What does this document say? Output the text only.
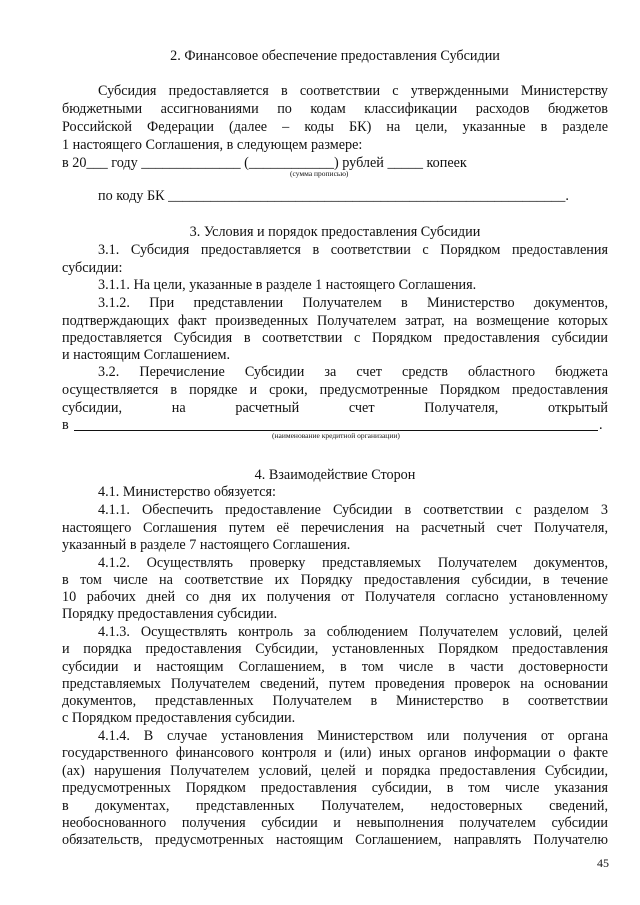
2. Финансовое обеспечение предоставления Субсидии
Субсидия предоставляется в соответствии с утвержденными Министерству
бюджетными ассигнованиями по кодам классификации расходов бюджетов
Российской Федерации (далее – коды БК) на цели, указанные в разделе
1 настоящего Соглашения, в следующем размере:
в 20___ году ______________ (____________) рублей _____ копеек
(сумма прописью)
по коду БК ________________________________________________________.
3. Условия и порядок предоставления Субсидии
3.1. Субсидия предоставляется в соответствии с Порядком предоставления
субсидии:
3.1.1. На цели, указанные в разделе 1 настоящего Соглашения.
3.1.2. При представлении Получателем в Министерство документов,
подтверждающих факт произведенных Получателем затрат, на возмещение которых
предоставляется Субсидия в соответствии с Порядком предоставления субсидии
и настоящим Соглашением.
3.2. Перечисление Субсидии за счет средств областного бюджета
осуществляется в порядке и сроки, предусмотренные Порядком предоставления
субсидии, на расчетный счет Получателя, открытый
в	.
(наименование кредитной организации)
4. Взаимодействие Сторон
4.1. Министерство обязуется:
4.1.1. Обеспечить предоставление Субсидии в соответствии с разделом 3
настоящего Соглашения путем её перечисления на расчетный счет Получателя,
указанный в разделе 7 настоящего Соглашения.
4.1.2. Осуществлять проверку представляемых Получателем документов,
в том числе на соответствие их Порядку предоставления субсидии, в течение
10 рабочих дней со дня их получения от Получателя согласно установленному
Порядку предоставления субсидии.
4.1.3. Осуществлять контроль за соблюдением Получателем условий, целей
и порядка предоставления Субсидии, установленных Порядком предоставления
субсидии и настоящим Соглашением, в том числе в части достоверности
представляемых Получателем сведений, путем проведения проверок на основании
документов, представленных Получателем в Министерство в соответствии
с Порядком предоставления субсидии.
4.1.4. В случае установления Министерством или получения от органа
государственного финансового контроля и (или) иных органов информации о факте
(ах) нарушения Получателем условий, целей и порядка предоставления Субсидии,
предусмотренных Порядком предоставления субсидии, в том числе указания
в документах, представленных Получателем, недостоверных сведений,
необоснованного получения субсидии и невыполнения получателем субсидии
обязательств, предусмотренных настоящим Соглашением, направлять Получателю
45
